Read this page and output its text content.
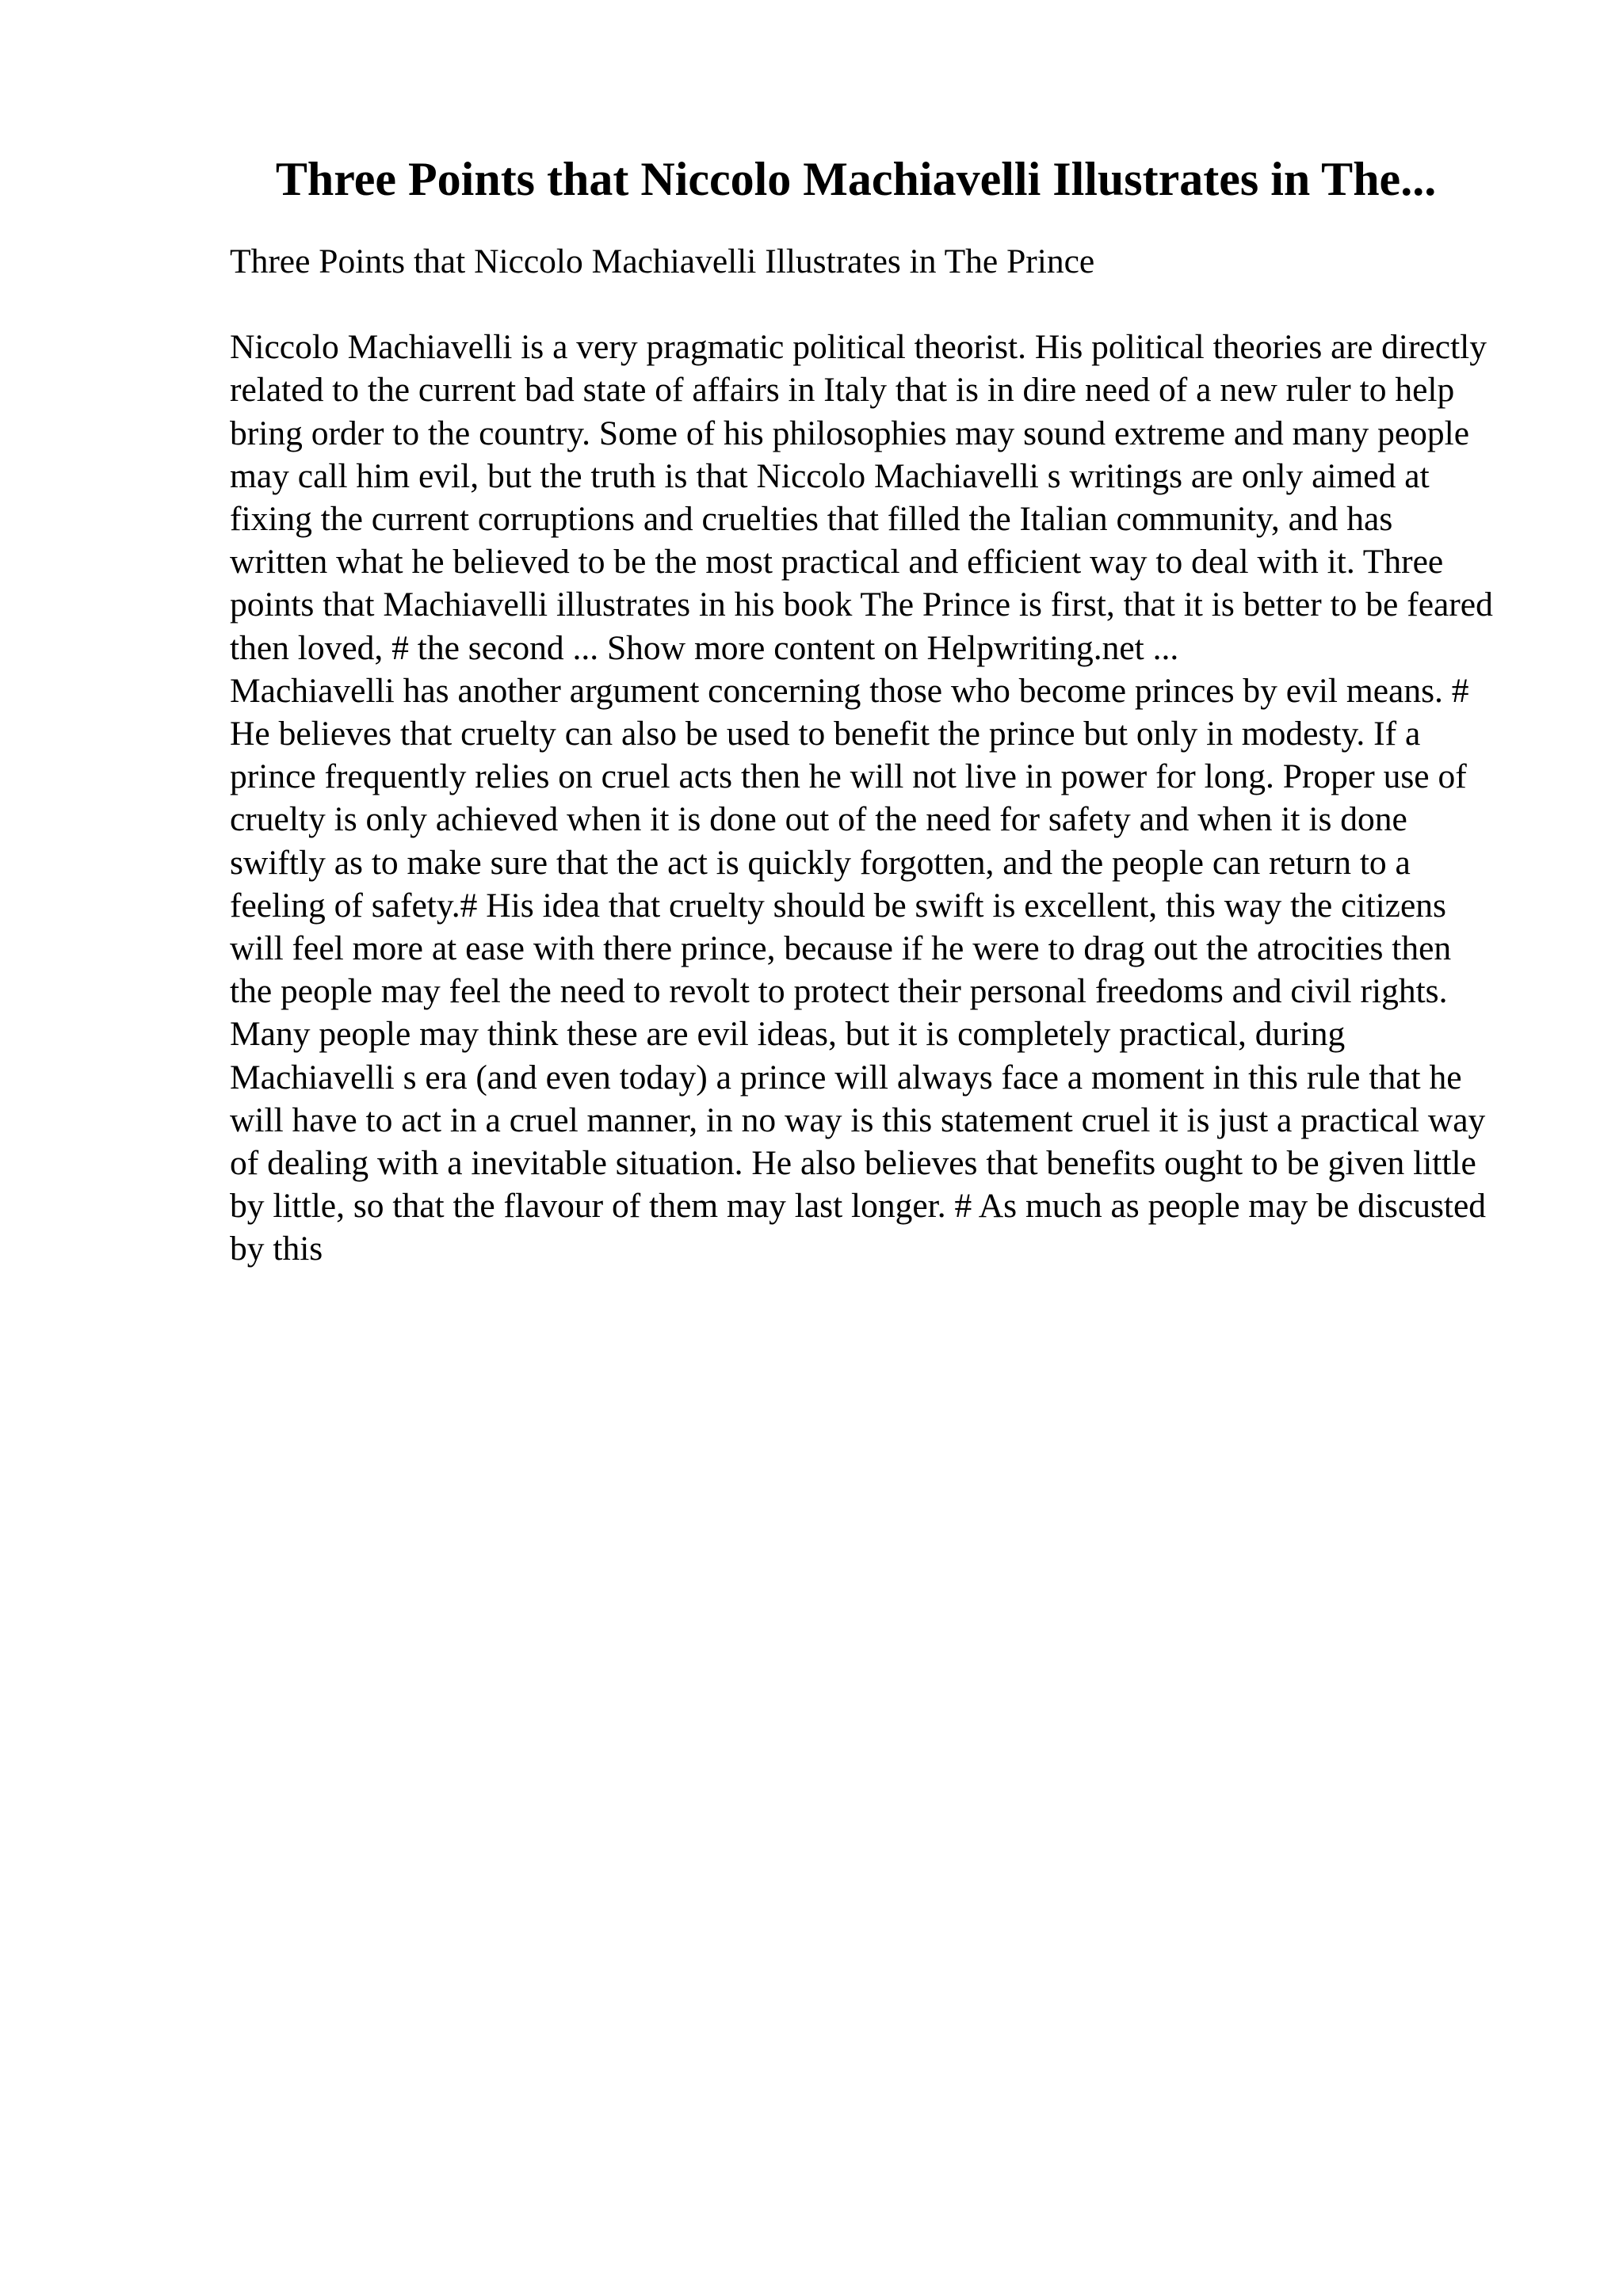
Three Points that Niccolo Machiavelli Illustrates in The...

Three Points that Niccolo Machiavelli Illustrates in The Prince

Niccolo Machiavelli is a very pragmatic political theorist. His political theories are directly related to the current bad state of affairs in Italy that is in dire need of a new ruler to help bring order to the country. Some of his philosophies may sound extreme and many people may call him evil, but the truth is that Niccolo Machiavelli s writings are only aimed at fixing the current corruptions and cruelties that filled the Italian community, and has written what he believed to be the most practical and efficient way to deal with it. Three points that Machiavelli illustrates in his book The Prince is first, that it is better to be feared then loved, # the second ... Show more content on Helpwriting.net ...

Machiavelli has another argument concerning those who become princes by evil means. # He believes that cruelty can also be used to benefit the prince but only in modesty. If a prince frequently relies on cruel acts then he will not live in power for long. Proper use of cruelty is only achieved when it is done out of the need for safety and when it is done swiftly as to make sure that the act is quickly forgotten, and the people can return to a feeling of safety.# His idea that cruelty should be swift is excellent, this way the citizens will feel more at ease with there prince, because if he were to drag out the atrocities then the people may feel the need to revolt to protect their personal freedoms and civil rights. Many people may think these are evil ideas, but it is completely practical, during Machiavelli s era (and even today) a prince will always face a moment in this rule that he will have to act in a cruel manner, in no way is this statement cruel it is just a practical way of dealing with a inevitable situation. He also believes that benefits ought to be given little by little, so that the flavour of them may last longer. # As much as people may be discusted by this
